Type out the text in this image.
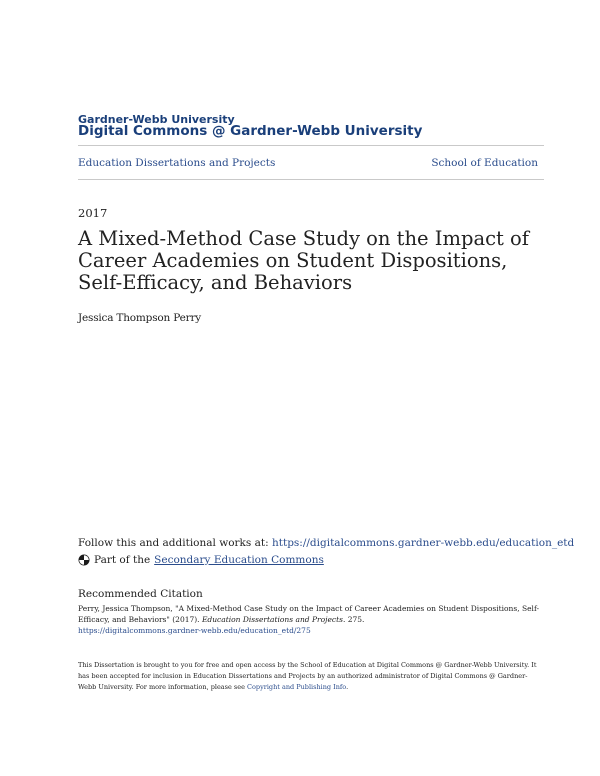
Gardner-Webb University
Digital Commons @ Gardner-Webb University
Education Dissertations and Projects	School of Education
2017
A Mixed-Method Case Study on the Impact of Career Academies on Student Dispositions, Self-Efficacy, and Behaviors
Jessica Thompson Perry
Follow this and additional works at: https://digitalcommons.gardner-webb.edu/education_etd
Part of the Secondary Education Commons
Recommended Citation
Perry, Jessica Thompson, "A Mixed-Method Case Study on the Impact of Career Academies on Student Dispositions, Self-Efficacy, and Behaviors" (2017). Education Dissertations and Projects. 275.
https://digitalcommons.gardner-webb.edu/education_etd/275
This Dissertation is brought to you for free and open access by the School of Education at Digital Commons @ Gardner-Webb University. It has been accepted for inclusion in Education Dissertations and Projects by an authorized administrator of Digital Commons @ Gardner-Webb University. For more information, please see Copyright and Publishing Info.
